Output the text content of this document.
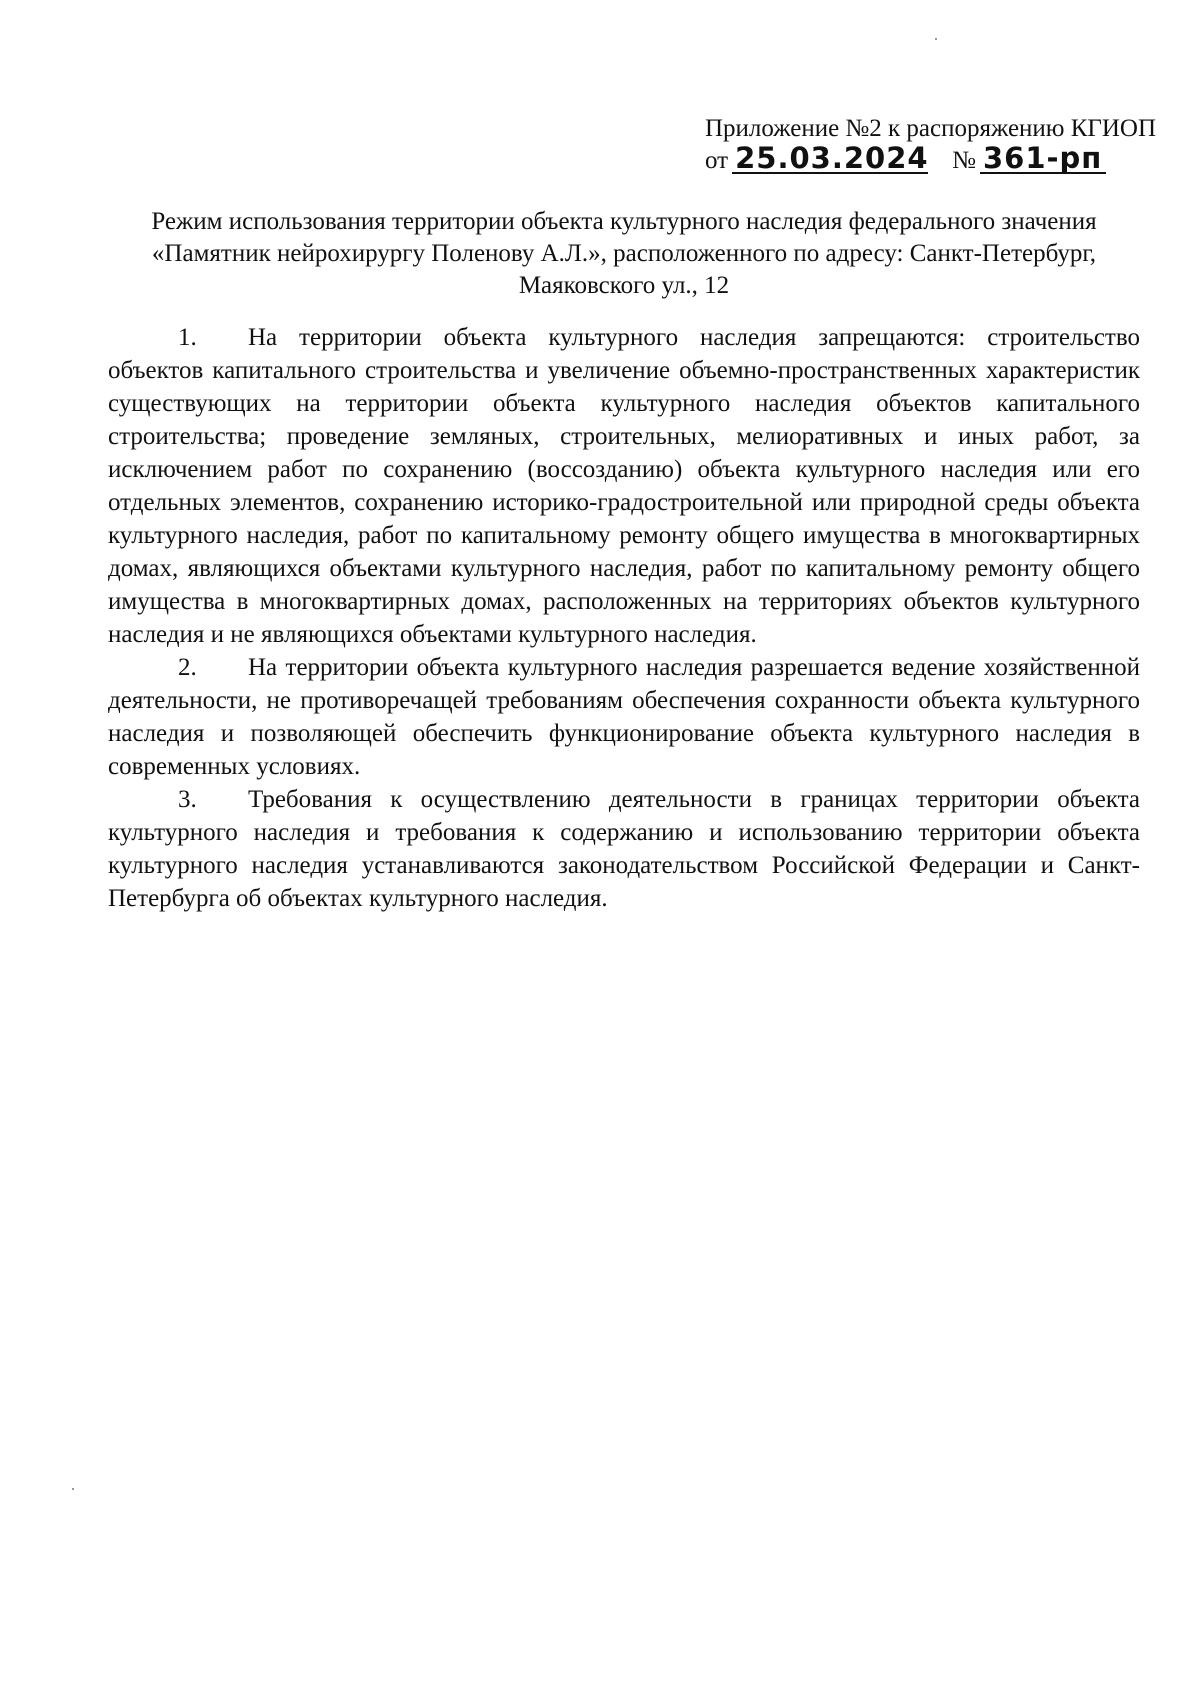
Приложение №2 к распоряжению КГИОП
от 25.03.2024 № 361-рп
Режим использования территории объекта культурного наследия федерального значения
«Памятник нейрохирургу Поленову А.Л.», расположенного по адресу: Санкт-Петербург,
Маяковского ул., 12

1. На территории объекта культурного наследия запрещаются: строительство объектов капитального строительства и увеличение объемно-пространственных характеристик существующих на территории объекта культурного наследия объектов капитального строительства; проведение земляных, строительных, мелиоративных и иных работ, за исключением работ по сохранению (воссозданию) объекта культурного наследия или его отдельных элементов, сохранению историко-градостроительной или природной среды объекта культурного наследия, работ по капитальному ремонту общего имущества в многоквартирных домах, являющихся объектами культурного наследия, работ по капитальному ремонту общего имущества в многоквартирных домах, расположенных на территориях объектов культурного наследия и не являющихся объектами культурного наследия.

2. На территории объекта культурного наследия разрешается ведение хозяйственной деятельности, не противоречащей требованиям обеспечения сохранности объекта культурного наследия и позволяющей обеспечить функционирование объекта культурного наследия в современных условиях.

3. Требования к осуществлению деятельности в границах территории объекта культурного наследия и требования к содержанию и использованию территории объекта культурного наследия устанавливаются законодательством Российской Федерации и Санкт-Петербурга об объектах культурного наследия.
